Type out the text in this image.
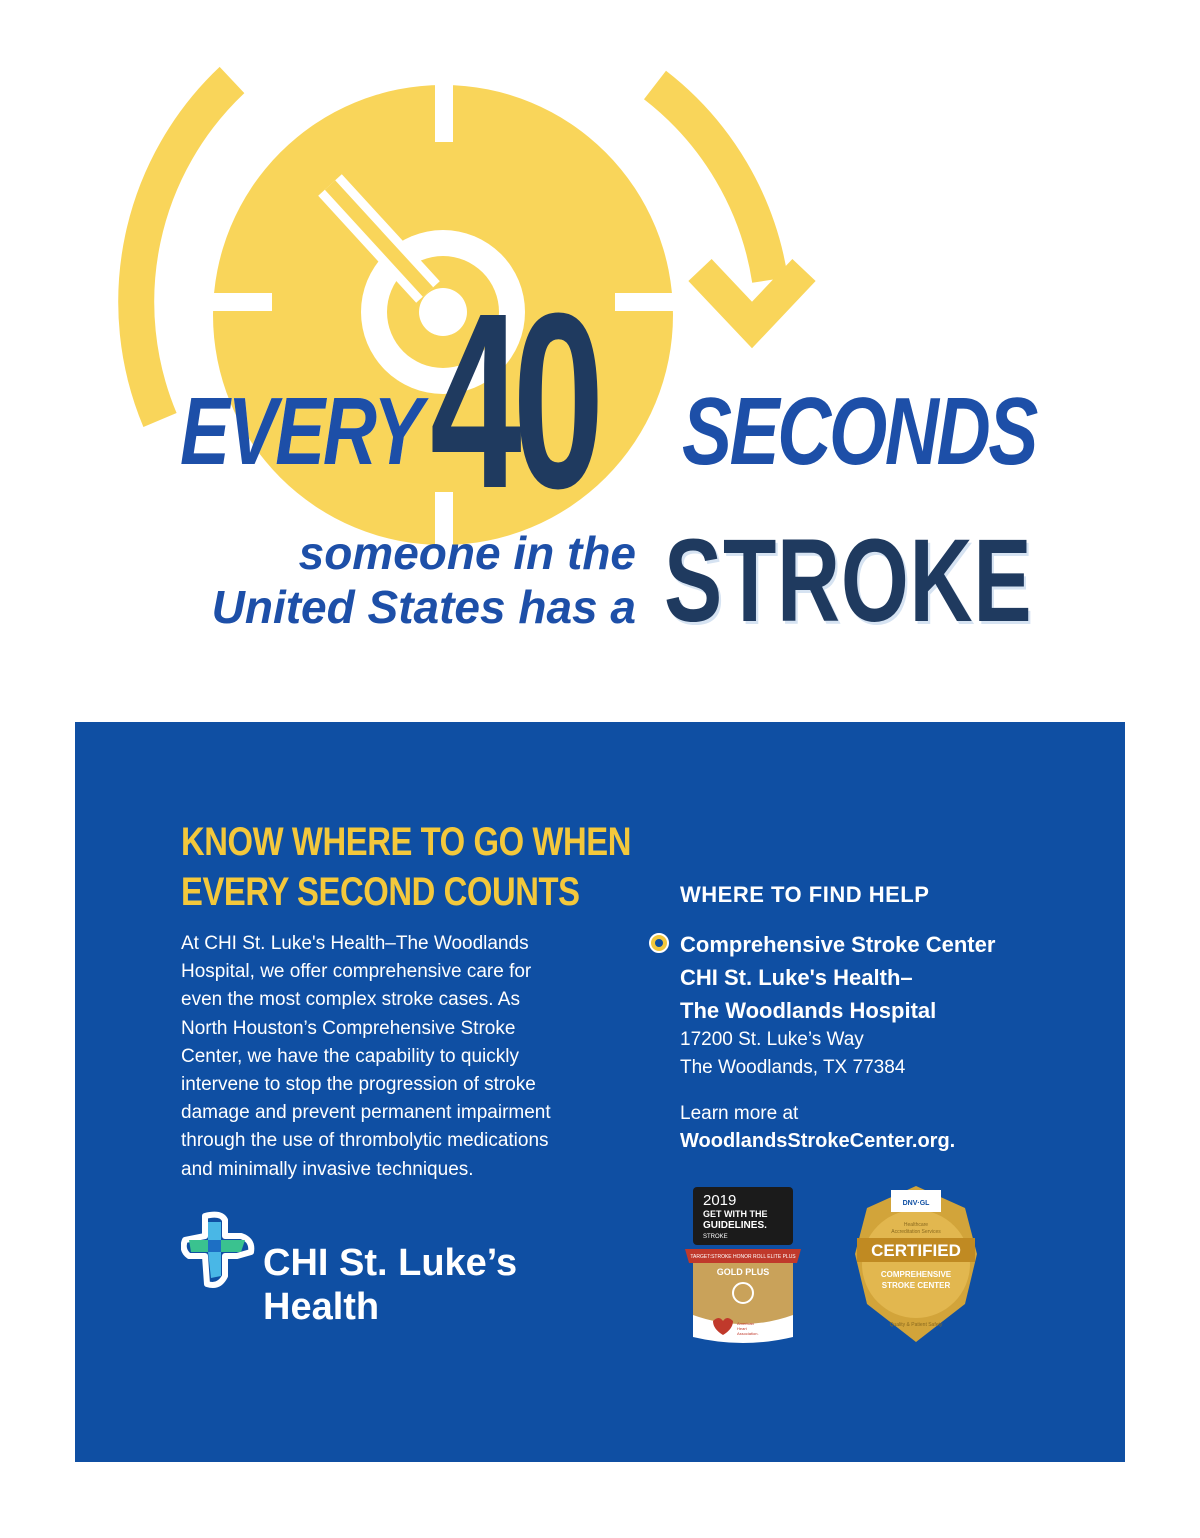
EVERY 40 SECONDS
someone in the
United States has a STROKE
KNOW WHERE TO GO WHEN
EVERY SECOND COUNTS
At CHI St. Luke's Health–The Woodlands
Hospital, we offer comprehensive care for
even the most complex stroke cases. As
North Houston’s Comprehensive Stroke
Center, we have the capability to quickly
intervene to stop the progression of stroke
damage and prevent permanent impairment
through the use of thrombolytic medications
and minimally invasive techniques.
CHI St. Luke’s
Health
WHERE TO FIND HELP
Comprehensive Stroke Center
CHI St. Luke's Health–
The Woodlands Hospital
17200 St. Luke’s Way
The Woodlands, TX 77384
Learn more at
WoodlandsStrokeCenter.org.
2019
GET WITH THE
GUIDELINES.
STROKE
TARGET:STROKE HONOR ROLL ELITE PLUS
GOLD PLUS
American
Heart
Association.
DNV·GL
Healthcare
Accreditation Services
CERTIFIED
COMPREHENSIVE
STROKE CENTER
Quality & Patient Safety
